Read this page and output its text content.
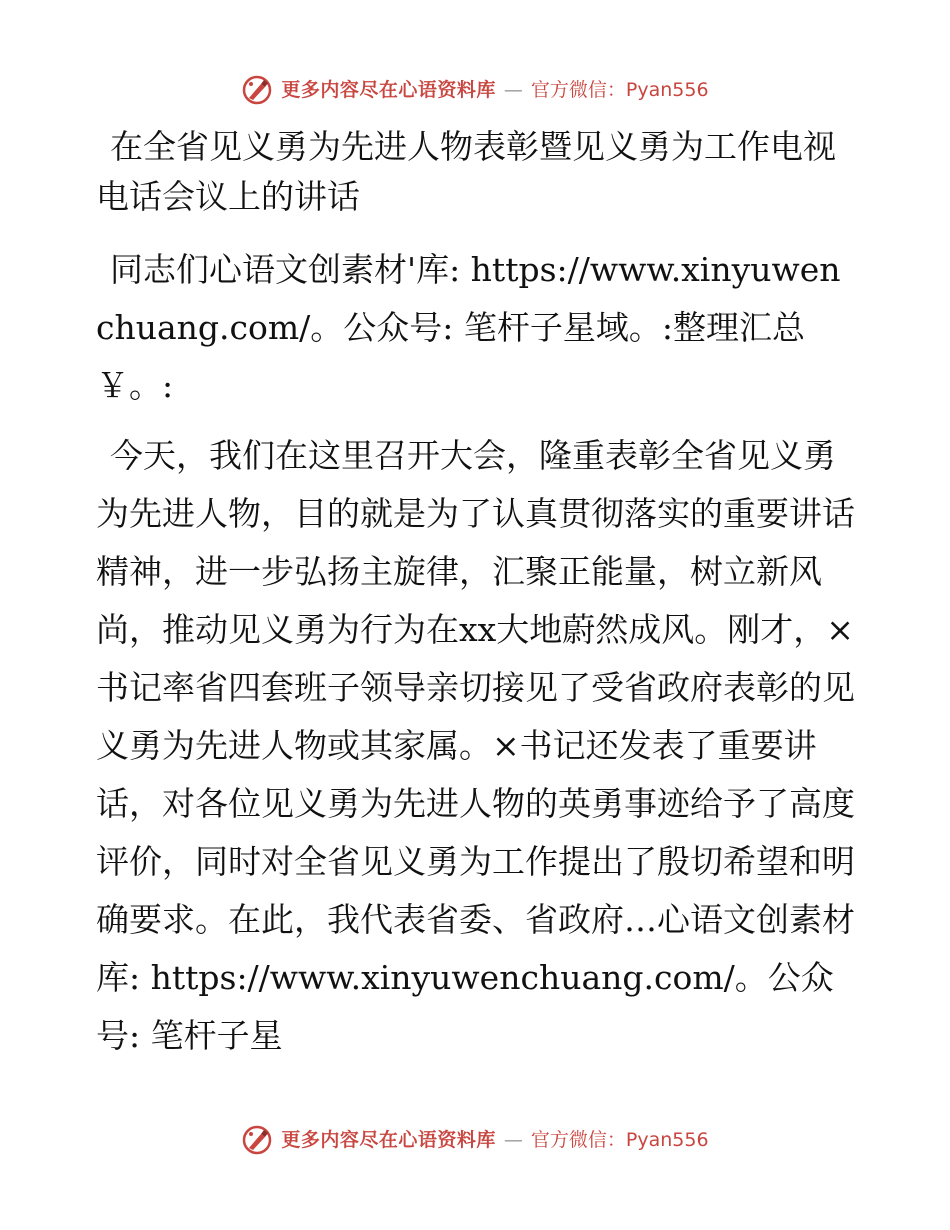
更多内容尽在心语资料库 — 官方微信：Pyan556
在全省见义勇为先进人物表彰暨见义勇为工作电视电话会议上的讲话

同志们心语文创素材'库: https://www.xinyuwenchuang.com/。公众号: 笔杆子星域。:整理汇总￥。:

今天，我们在这里召开大会，隆重表彰全省见义勇为先进人物，目的就是为了认真贯彻落实的重要讲话精神，进一步弘扬主旋律，汇聚正能量，树立新风尚，推动见义勇为行为在xx大地蔚然成风。刚才，×书记率省四套班子领导亲切接见了受省政府表彰的见义勇为先进人物或其家属。×书记还发表了重要讲话，对各位见义勇为先进人物的英勇事迹给予了高度评价，同时对全省见义勇为工作提出了殷切希望和明确要求。在此，我代表省委、省政府…心语文创素材库: https://www.xinyuwenchuang.com/。公众号: 笔杆子星

更多内容尽在心语资料库 — 官方微信：Pyan556
